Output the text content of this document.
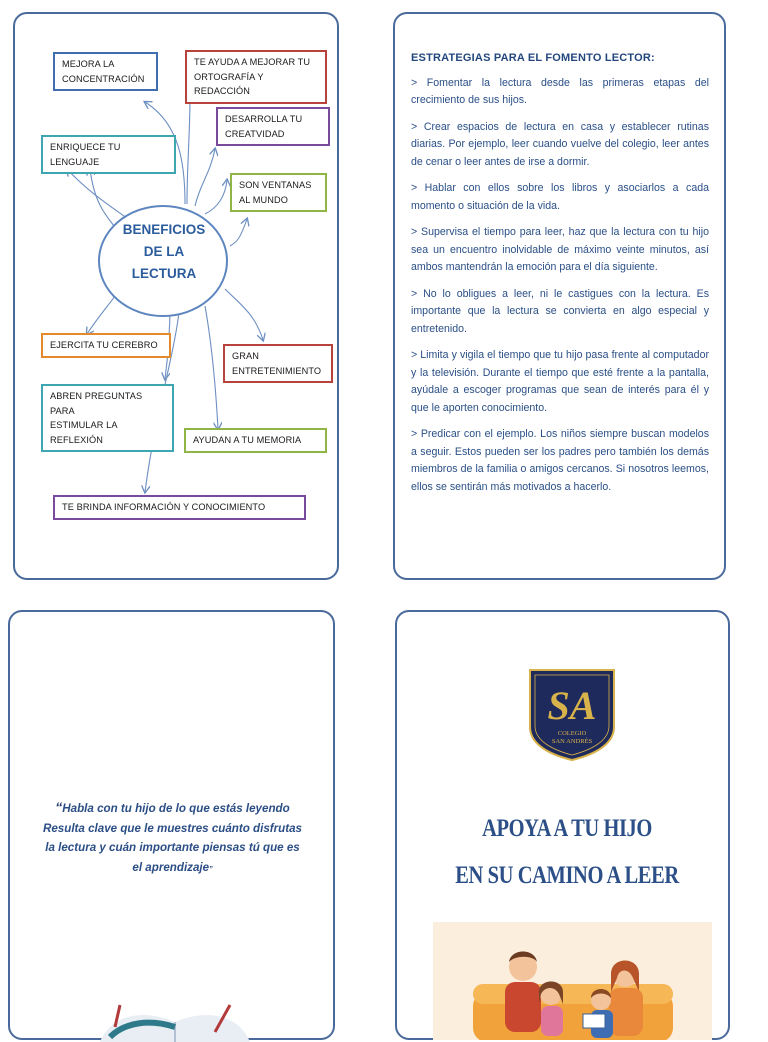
BENEFICIOS
DE LA
LECTURA
MEJORA LA
CONCENTRACIÓN
TE AYUDA A MEJORAR TU
ORTOGRAFÍA Y REDACCIÓN
ENRIQUECE TU LENGUAJE
DESARROLLA TU
CREATVIDAD
SON VENTANAS
AL MUNDO
EJERCITA TU CEREBRO
GRAN
ENTRETENIMIENTO
ABREN PREGUNTAS PARA
ESTIMULAR LA REFLEXIÓN	AYUDAN A TU MEMORIA
TE BRINDA INFORMACIÓN Y CONOCIMIENTO
ESTRATEGIAS PARA EL FOMENTO LECTOR:

> Fomentar la lectura desde las primeras etapas del crecimiento de sus hijos.

> Crear espacios de lectura en casa y establecer rutinas diarias. Por ejemplo, leer cuando vuelve del colegio, leer antes de cenar o leer antes de irse a dormir.

> Hablar con ellos sobre los libros y asociarlos a cada momento o situación de la vida.

> Supervisa el tiempo para leer, haz que la lectura con tu hijo sea un encuentro inolvidable de máximo veinte minutos, así ambos mantendrán la emoción para el día siguiente.

> No lo obligues a leer, ni le castigues con la lectura. Es importante que la lectura se convierta en algo especial y entretenido.

> Limita y vigila el tiempo que tu hijo pasa frente al computador y la televisión. Durante el tiempo que esté frente a la pantalla, ayúdale a escoger programas que sean de interés para él y que le aporten conocimiento.

> Predicar con el ejemplo. Los niños siempre buscan modelos a seguir. Estos pueden ser los padres pero también los demás miembros de la familia o amigos cercanos. Si nosotros leemos, ellos se sentirán más motivados a hacerlo.

“Habla con tu hijo de lo que estás leyendo Resulta clave que le muestres cuánto disfrutas la lectura y cuán importante piensas tú que es el aprendizaje”
SA
COLEGIO
SAN ANDRÉS
APOYA A TU HIJO
EN SU CAMINO A LEER
